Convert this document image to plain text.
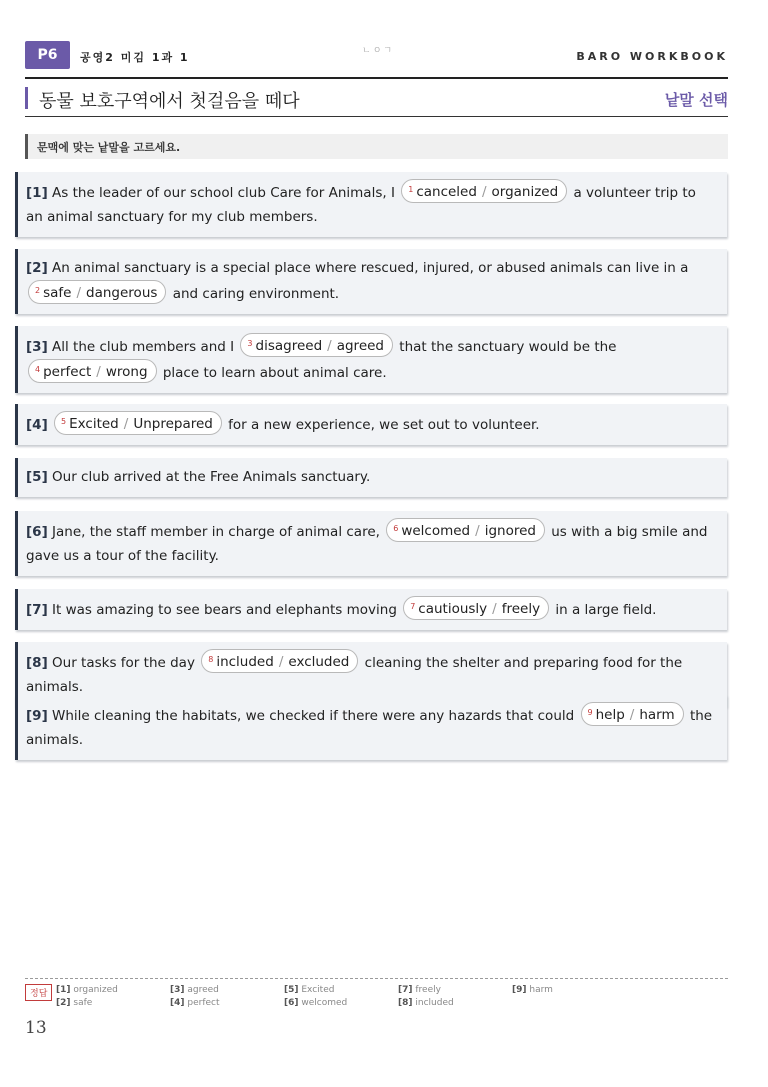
P6	공영2 미김 1과 1	ㄴㅇㄱ	BARO WORKBOOK
동물 보호구역에서 첫걸음을 떼다	낱말 선택
문맥에 맞는 낱말을 고르세요.
[1] As the leader of our school club Care for Animals, I $^1$ canceled / organized a volunteer trip to an animal sanctuary for my club members.
[2] An animal sanctuary is a special place where rescued, injured, or abused animals can live in a $^2$ safe / dangerous and caring environment.
[3] All the club members and I $^3$ disagreed / agreed that the sanctuary would be the $^4$ perfect / wrong place to learn about animal care.
[4] $^5$ Excited / Unprepared for a new experience, we set out to volunteer.
[5] Our club arrived at the Free Animals sanctuary.
[6] Jane, the staff member in charge of animal care, $^6$ welcomed / ignored us with a big smile and gave us a tour of the facility.
[7] It was amazing to see bears and elephants moving $^7$ cautiously / freely in a large field.
[8] Our tasks for the day $^8$ included / excluded cleaning the shelter and preparing food for the animals.
[9] While cleaning the habitats, we checked if there were any hazards that could $^9$ help / harm the animals.
정답 [1] organized
[2] safe
[3] agreed
[4] perfect
[5] Excited
[6] welcomed
[7] freely
[8] included
[9] harm
13
